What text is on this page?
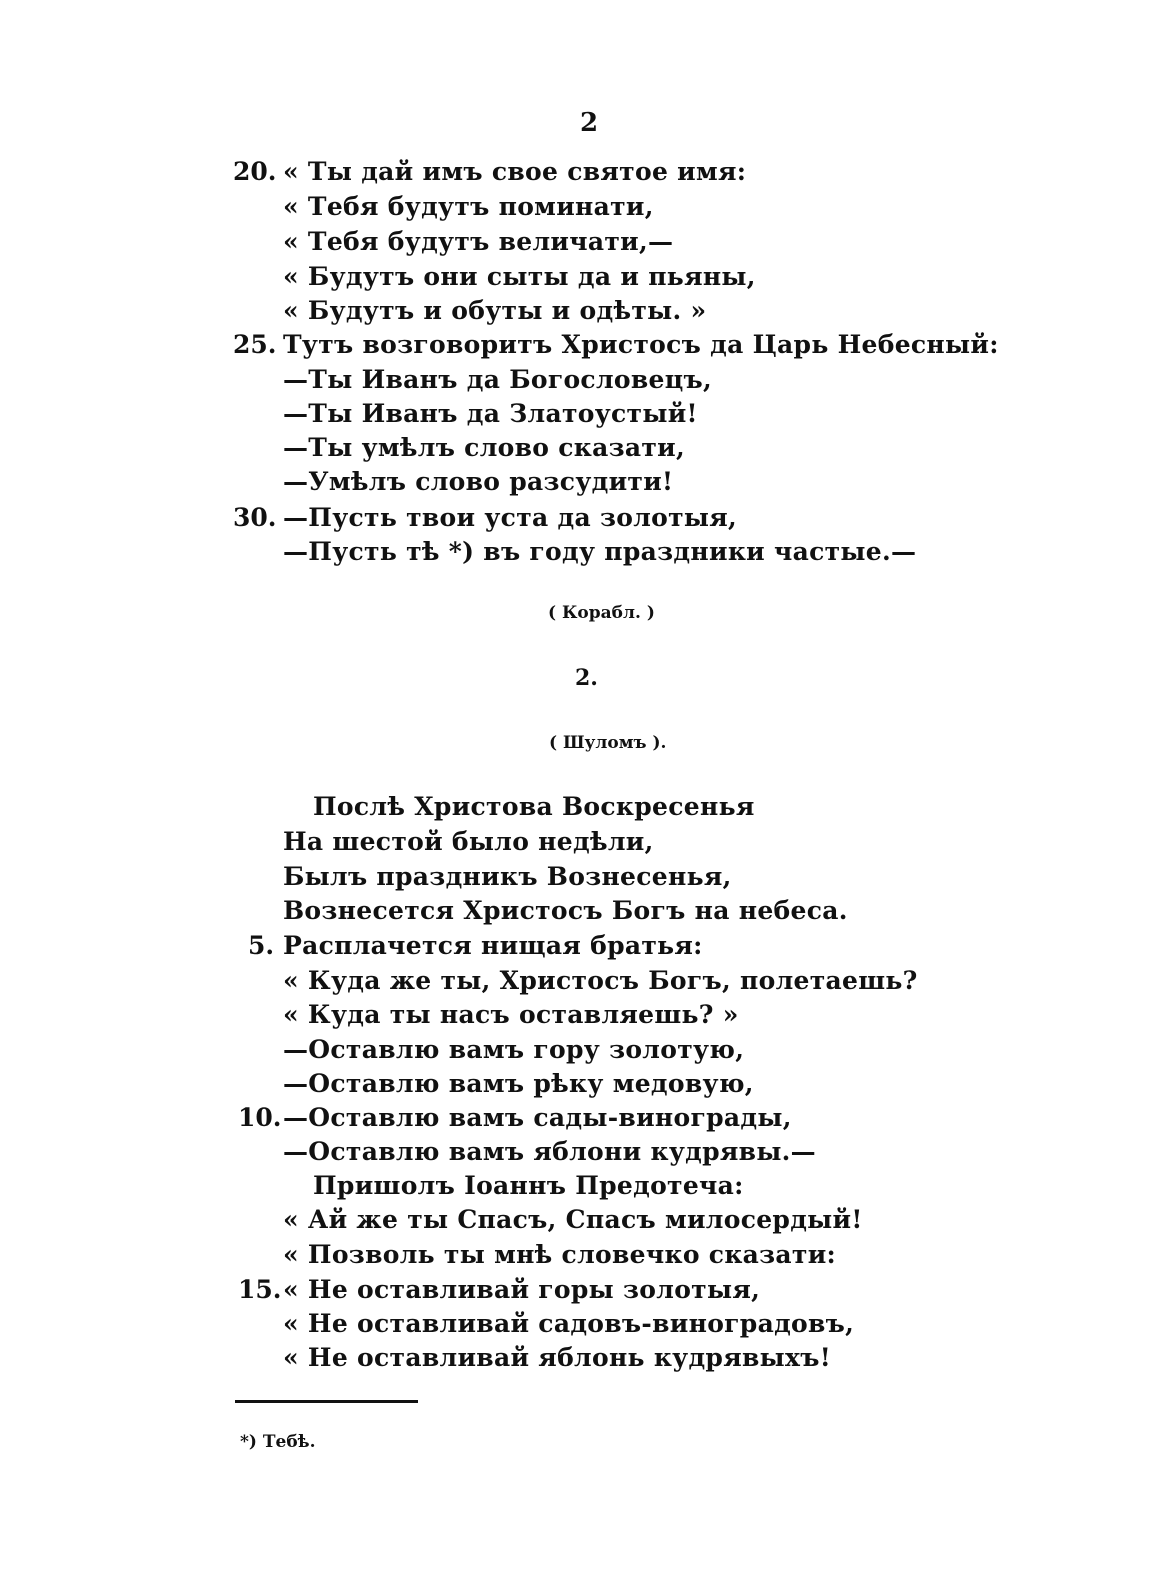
2
20. « Ты дай имъ свое святое имя:
« Тебя будутъ поминати,
« Тебя будутъ величати,—
« Будутъ они сыты да и пьяны,
« Будутъ и обуты и одѣты. »
25. Тутъ возговоритъ Христосъ да Царь Небесный:
—Ты Иванъ да Богословецъ,
—Ты Иванъ да Златоустый!
—Ты умѣлъ слово сказати,
—Умѣлъ слово разсудити!
30. —Пусть твои уста да золотыя,
—Пусть тѣ *) въ году праздники частые.—
( Корабл. )
2.
( Шуломъ ).
Послѣ Христова Воскресенья
На шестой было недѣли,
Былъ праздникъ Вознесенья,
Вознесется Христосъ Богъ на небеса.
5. Расплачется нищая братья:
« Куда же ты, Христосъ Богъ, полетаешь?
« Куда ты насъ оставляешь? »
—Оставлю вамъ гору золотую,
—Оставлю вамъ рѣку медовую,
10. —Оставлю вамъ сады-винограды,
—Оставлю вамъ яблони кудрявы.—
Пришолъ Іоаннъ Предотеча:
« Ай же ты Спасъ, Спасъ милосердый!
« Позволь ты мнѣ словечко сказати:
15. « Не оставливай горы золотыя,
« Не оставливай садовъ-виноградовъ,
« Не оставливай яблонь кудрявыхъ!
*) Тебѣ.
